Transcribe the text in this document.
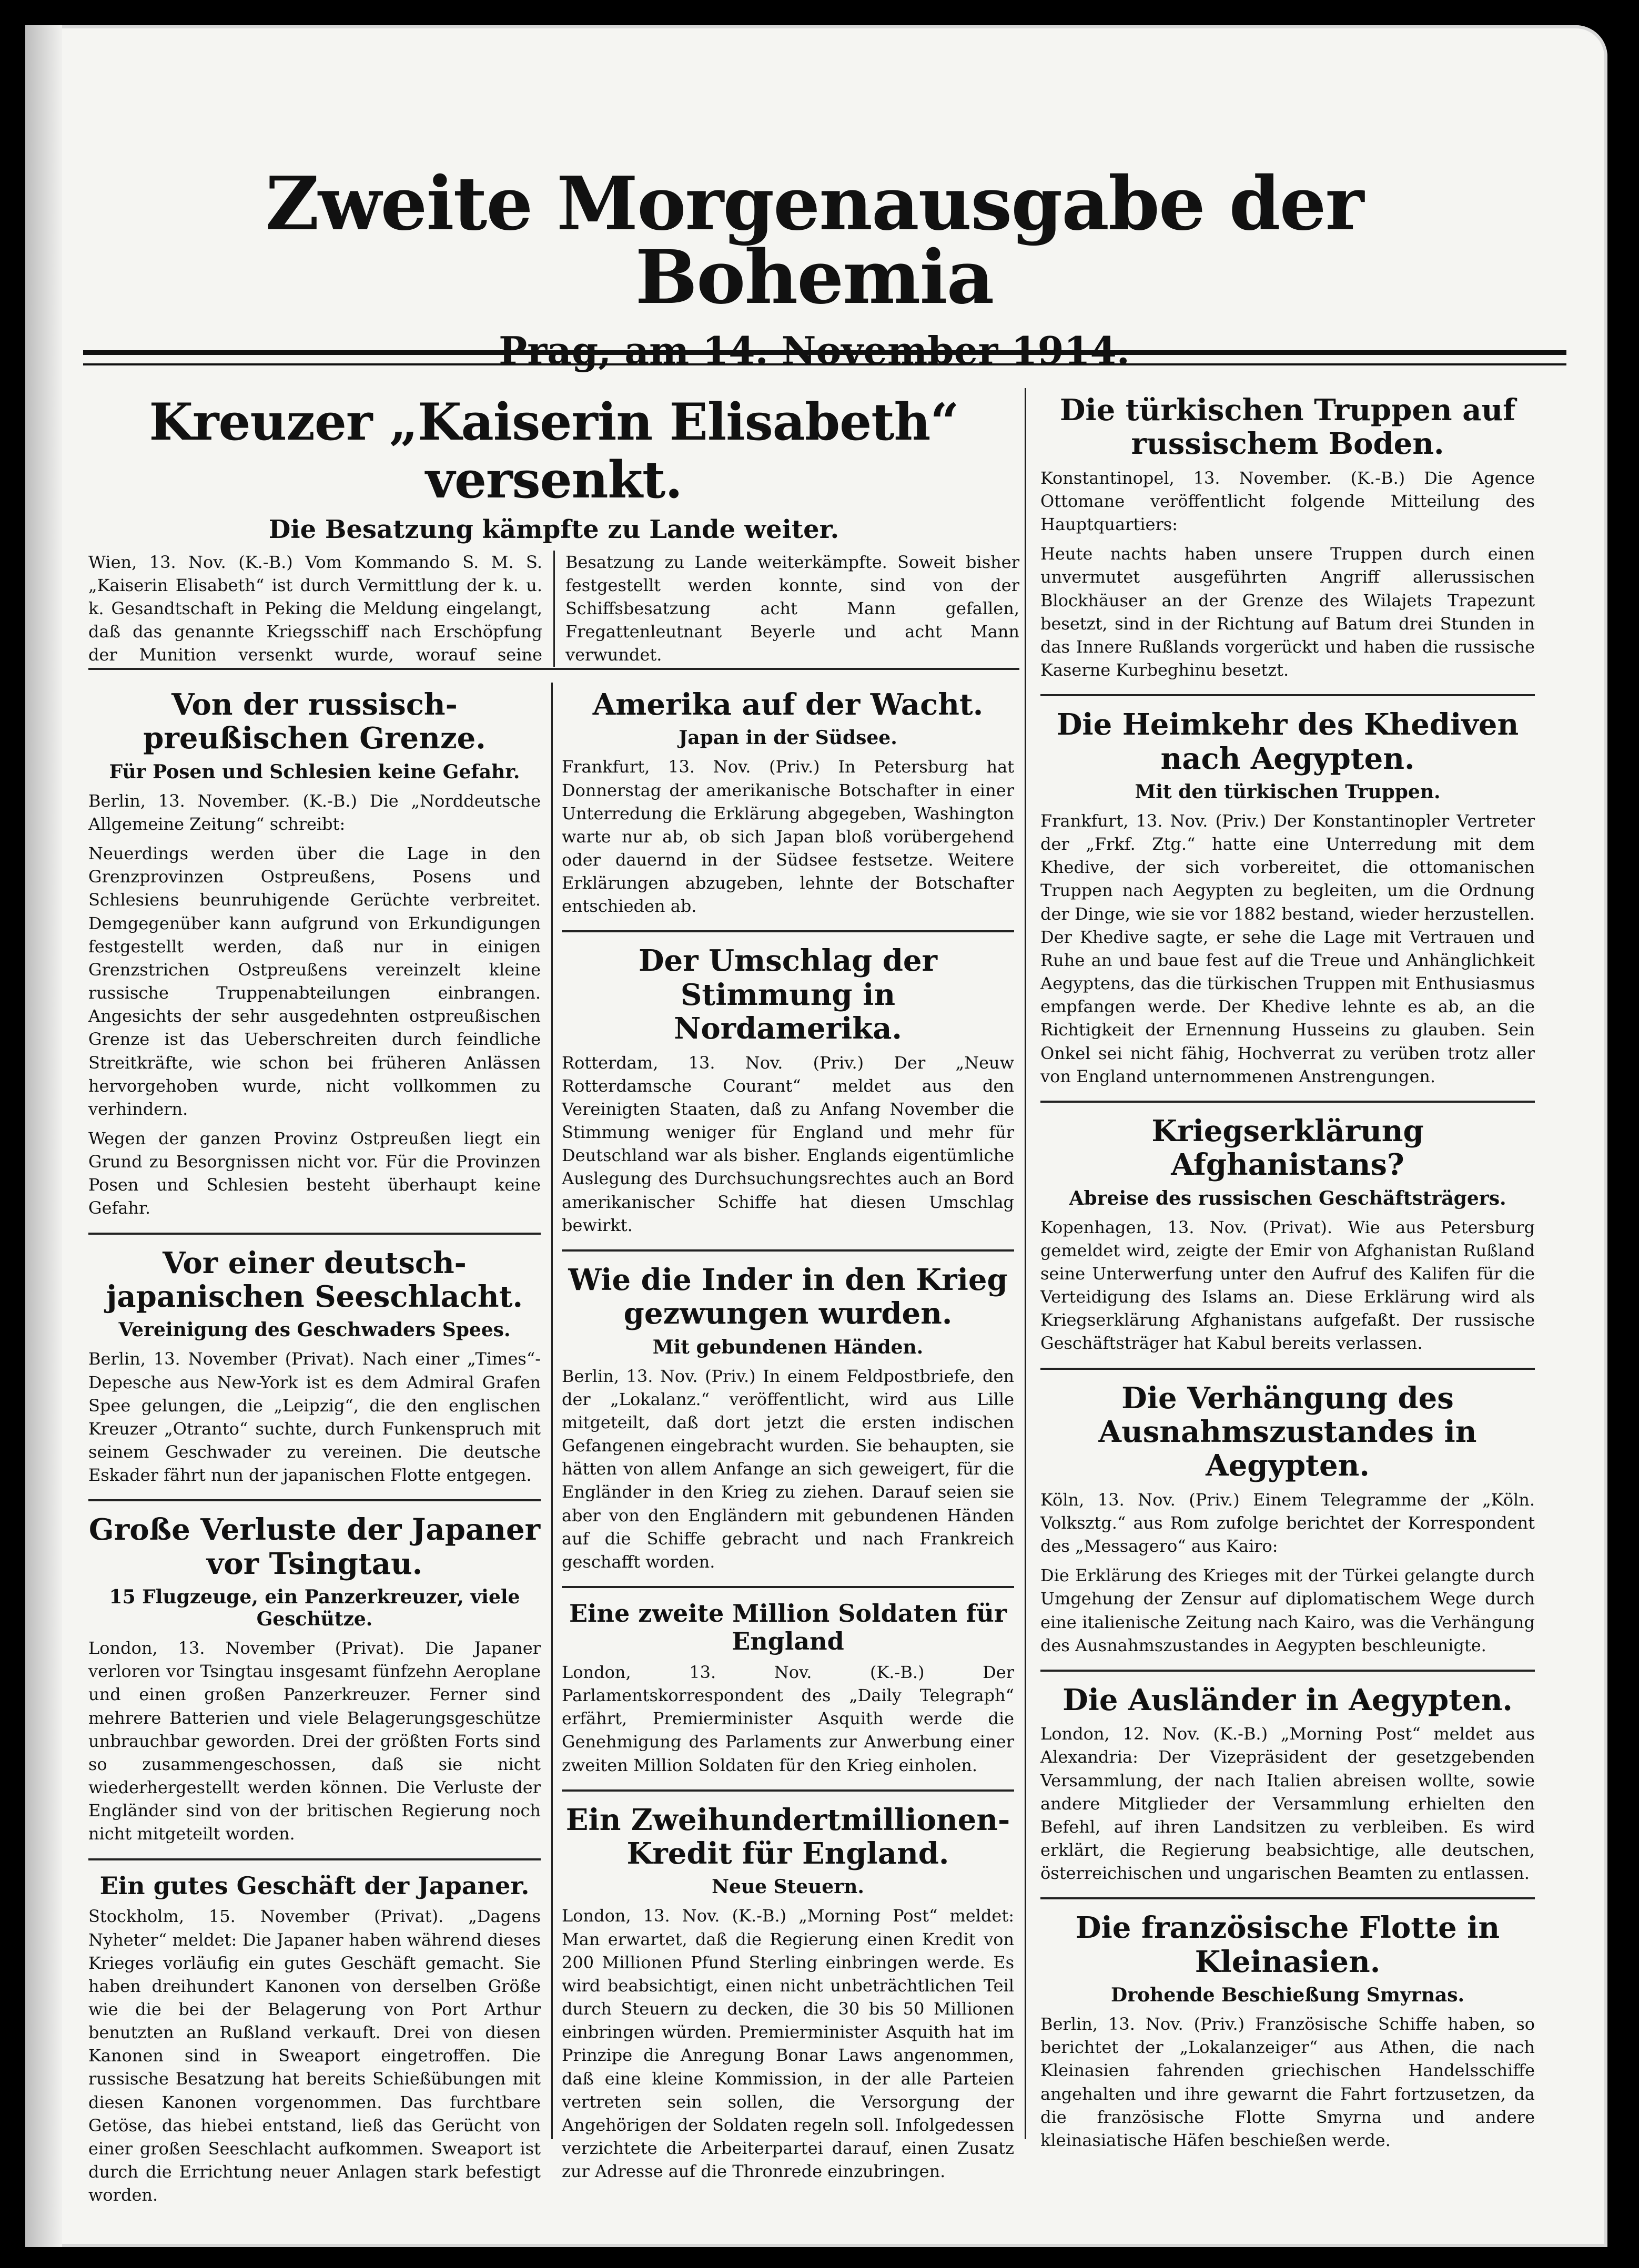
Zweite Morgenausgabe der Bohemia
Prag, am 14. November 1914.
Kreuzer „Kaiserin Elisabeth“ versenkt.
Die Besatzung kämpfte zu Lande weiter.
Wien, 13. Nov. (K.-B.) Vom Kommando S. M. S. „Kaiserin Elisabeth“ ist durch Vermittlung der k. u. k. Gesandtschaft in Peking die Meldung eingelangt, daß das genannte Kriegsschiff nach Erschöpfung der Munition versenkt wurde, worauf seine Besatzung zu Lande weiterkämpfte. Soweit bisher festgestellt werden konnte, sind von der Schiffsbesatzung acht Mann gefallen, Fregattenleutnant Beyerle und acht Mann verwundet.
Von der russisch-preußischen Grenze.
Für Posen und Schlesien keine Gefahr.
Berlin, 13. November. (K.-B.) Die „Norddeutsche Allgemeine Zeitung“ schreibt:
Neuerdings werden über die Lage in den Grenzprovinzen Ostpreußens, Posens und Schlesiens beunruhigende Gerüchte verbreitet. Demgegenüber kann aufgrund von Erkundigungen festgestellt werden, daß nur in einigen Grenzstrichen Ostpreußens vereinzelt kleine russische Truppenabteilungen einbrangen. Angesichts der sehr ausgedehnten ostpreußischen Grenze ist das Ueberschreiten durch feindliche Streitkräfte, wie schon bei früheren Anlässen hervorgehoben wurde, nicht vollkommen zu verhindern.
Wegen der ganzen Provinz Ostpreußen liegt ein Grund zu Besorgnissen nicht vor. Für die Provinzen Posen und Schlesien besteht überhaupt keine Gefahr.
Vor einer deutsch-japanischen Seeschlacht.
Vereinigung des Geschwaders Spees.
Berlin, 13. November (Privat). Nach einer „Times“-Depesche aus New-York ist es dem Admiral Grafen Spee gelungen, die „Leipzig“, die den englischen Kreuzer „Otranto“ suchte, durch Funkenspruch mit seinem Geschwader zu vereinen. Die deutsche Eskader fährt nun der japanischen Flotte entgegen.
Große Verluste der Japaner vor Tsingtau.
15 Flugzeuge, ein Panzerkreuzer, viele Geschütze.
London, 13. November (Privat). Die Japaner verloren vor Tsingtau insgesamt fünfzehn Aeroplane und einen großen Panzerkreuzer. Ferner sind mehrere Batterien und viele Belagerungsgeschütze unbrauchbar geworden. Drei der größten Forts sind so zusammengeschossen, daß sie nicht wiederhergestellt werden können. Die Verluste der Engländer sind von der britischen Regierung noch nicht mitgeteilt worden.
Ein gutes Geschäft der Japaner.
Stockholm, 15. November (Privat). „Dagens Nyheter“ meldet: Die Japaner haben während dieses Krieges vorläufig ein gutes Geschäft gemacht. Sie haben dreihundert Kanonen von derselben Größe wie die bei der Belagerung von Port Arthur benutzten an Rußland verkauft. Drei von diesen Kanonen sind in Sweaport eingetroffen. Die russische Besatzung hat bereits Schießübungen mit diesen Kanonen vorgenommen. Das furchtbare Getöse, das hiebei entstand, ließ das Gerücht von einer großen Seeschlacht aufkommen. Sweaport ist durch die Errichtung neuer Anlagen stark befestigt worden.
Amerika auf der Wacht.
Japan in der Südsee.
Frankfurt, 13. Nov. (Priv.) In Petersburg hat Donnerstag der amerikanische Botschafter in einer Unterredung die Erklärung abgegeben, Washington warte nur ab, ob sich Japan bloß vorübergehend oder dauernd in der Südsee festsetze. Weitere Erklärungen abzugeben, lehnte der Botschafter entschieden ab.
Der Umschlag der Stimmung in Nordamerika.
Rotterdam, 13. Nov. (Priv.) Der „Neuw Rotterdamsche Courant“ meldet aus den Vereinigten Staaten, daß zu Anfang November die Stimmung weniger für England und mehr für Deutschland war als bisher. Englands eigentümliche Auslegung des Durchsuchungsrechtes auch an Bord amerikanischer Schiffe hat diesen Umschlag bewirkt.
Wie die Inder in den Krieg gezwungen wurden.
Mit gebundenen Händen.
Berlin, 13. Nov. (Priv.) In einem Feldpostbriefe, den der „Lokalanz.“ veröffentlicht, wird aus Lille mitgeteilt, daß dort jetzt die ersten indischen Gefangenen eingebracht wurden. Sie behaupten, sie hätten von allem Anfange an sich geweigert, für die Engländer in den Krieg zu ziehen. Darauf seien sie aber von den Engländern mit gebundenen Händen auf die Schiffe gebracht und nach Frankreich geschafft worden.
Eine zweite Million Soldaten für England
London, 13. Nov. (K.-B.) Der Parlamentskorrespondent des „Daily Telegraph“ erfährt, Premierminister Asquith werde die Genehmigung des Parlaments zur Anwerbung einer zweiten Million Soldaten für den Krieg einholen.
Ein Zweihundertmillionen-Kredit für England.
Neue Steuern.
London, 13. Nov. (K.-B.) „Morning Post“ meldet: Man erwartet, daß die Regierung einen Kredit von 200 Millionen Pfund Sterling einbringen werde. Es wird beabsichtigt, einen nicht unbeträchtlichen Teil durch Steuern zu decken, die 30 bis 50 Millionen einbringen würden. Premierminister Asquith hat im Prinzipe die Anregung Bonar Laws angenommen, daß eine kleine Kommission, in der alle Parteien vertreten sein sollen, die Versorgung der Angehörigen der Soldaten regeln soll. Infolgedessen verzichtete die Arbeiterpartei darauf, einen Zusatz zur Adresse auf die Thronrede einzubringen.
Die türkischen Truppen auf russischem Boden.
Konstantinopel, 13. November. (K.-B.) Die Agence Ottomane veröffentlicht folgende Mitteilung des Hauptquartiers:
Heute nachts haben unsere Truppen durch einen unvermutet ausgeführten Angriff allerussischen Blockhäuser an der Grenze des Wilajets Trapezunt besetzt, sind in der Richtung auf Batum drei Stunden in das Innere Rußlands vorgerückt und haben die russische Kaserne Kurbeghinu besetzt.
Die Heimkehr des Khediven nach Aegypten.
Mit den türkischen Truppen.
Frankfurt, 13. Nov. (Priv.) Der Konstantinopler Vertreter der „Frkf. Ztg.“ hatte eine Unterredung mit dem Khedive, der sich vorbereitet, die ottomanischen Truppen nach Aegypten zu begleiten, um die Ordnung der Dinge, wie sie vor 1882 bestand, wieder herzustellen. Der Khedive sagte, er sehe die Lage mit Vertrauen und Ruhe an und baue fest auf die Treue und Anhänglichkeit Aegyptens, das die türkischen Truppen mit Enthusiasmus empfangen werde. Der Khedive lehnte es ab, an die Richtigkeit der Ernennung Husseins zu glauben. Sein Onkel sei nicht fähig, Hochverrat zu verüben trotz aller von England unternommenen Anstrengungen.
Kriegserklärung Afghanistans?
Abreise des russischen Geschäftsträgers.
Kopenhagen, 13. Nov. (Privat). Wie aus Petersburg gemeldet wird, zeigte der Emir von Afghanistan Rußland seine Unterwerfung unter den Aufruf des Kalifen für die Verteidigung des Islams an. Diese Erklärung wird als Kriegserklärung Afghanistans aufgefaßt. Der russische Geschäftsträger hat Kabul bereits verlassen.
Die Verhängung des Ausnahmszustandes in Aegypten.
Köln, 13. Nov. (Priv.) Einem Telegramme der „Köln. Volksztg.“ aus Rom zufolge berichtet der Korrespondent des „Messagero“ aus Kairo:
Die Erklärung des Krieges mit der Türkei gelangte durch Umgehung der Zensur auf diplomatischem Wege durch eine italienische Zeitung nach Kairo, was die Verhängung des Ausnahmszustandes in Aegypten beschleunigte.
Die Ausländer in Aegypten.
London, 12. Nov. (K.-B.) „Morning Post“ meldet aus Alexandria: Der Vizepräsident der gesetzgebenden Versammlung, der nach Italien abreisen wollte, sowie andere Mitglieder der Versammlung erhielten den Befehl, auf ihren Landsitzen zu verbleiben. Es wird erklärt, die Regierung beabsichtige, alle deutschen, österreichischen und ungarischen Beamten zu entlassen.
Die französische Flotte in Kleinasien.
Drohende Beschießung Smyrnas.
Berlin, 13. Nov. (Priv.) Französische Schiffe haben, so berichtet der „Lokalanzeiger“ aus Athen, die nach Kleinasien fahrenden griechischen Handelsschiffe angehalten und ihre gewarnt die Fahrt fortzusetzen, da die französische Flotte Smyrna und andere kleinasiatische Häfen beschießen werde.
